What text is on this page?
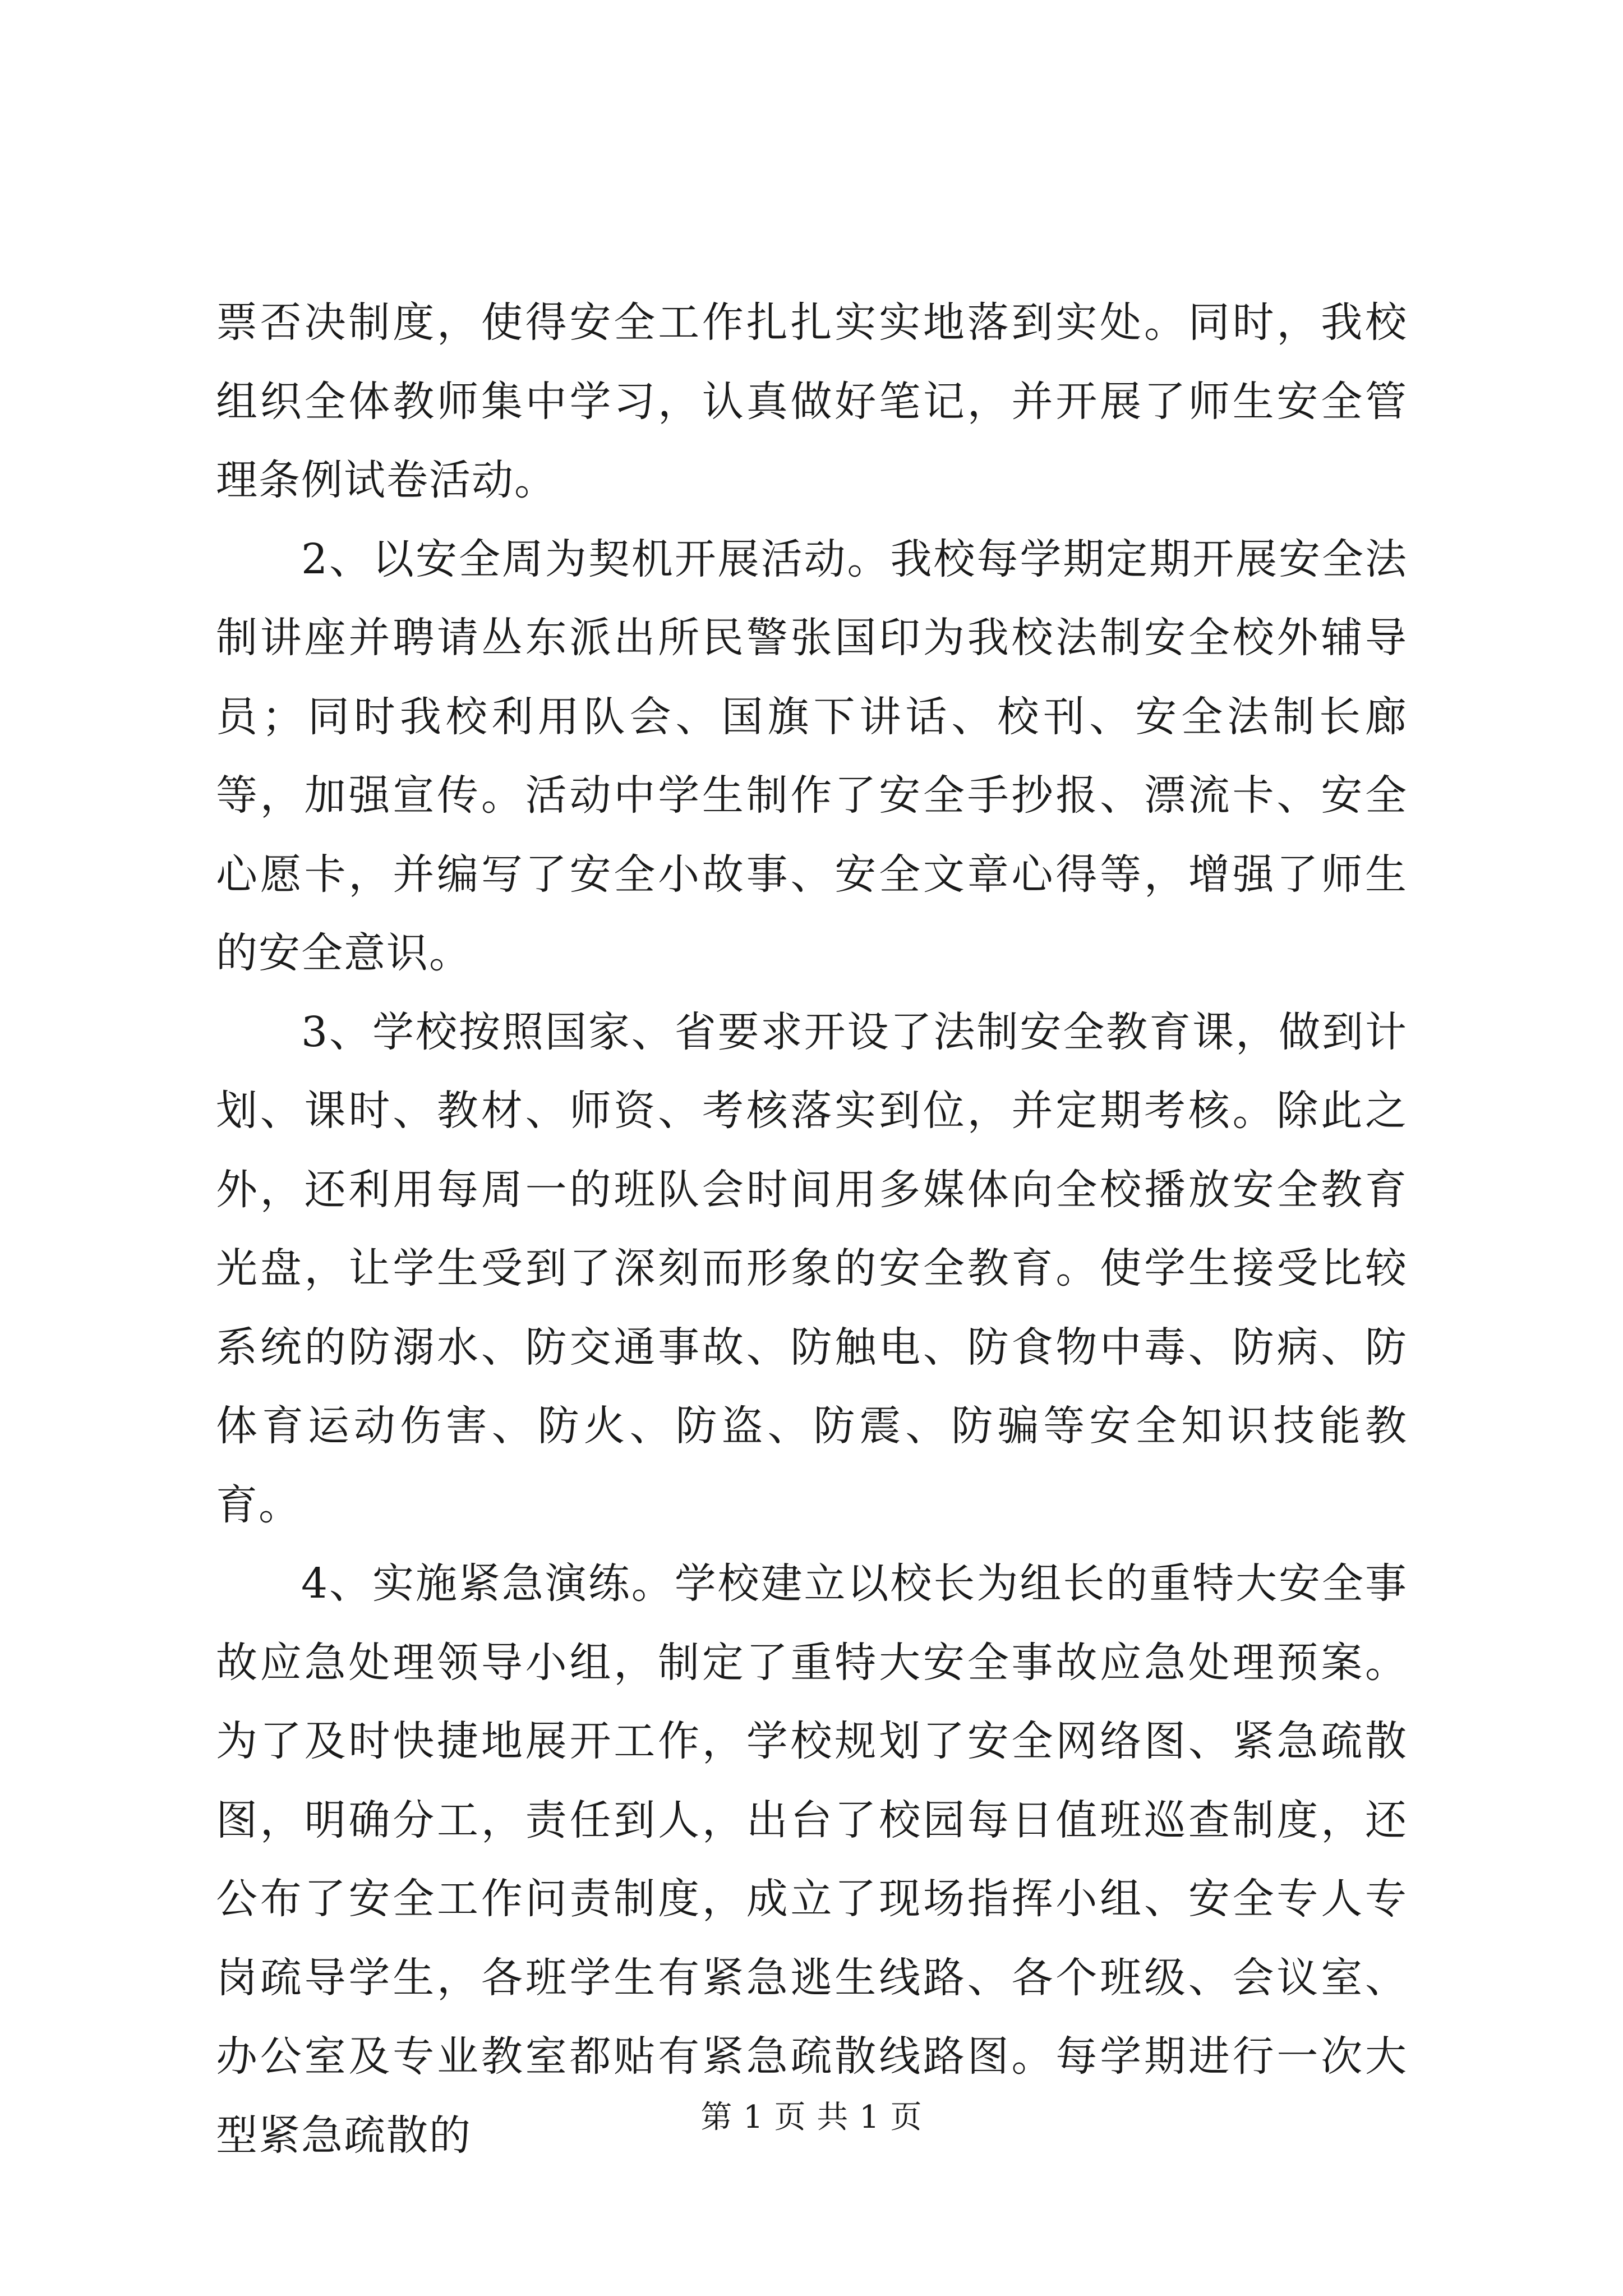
票否决制度，使得安全工作扎扎实实地落到实处。同时，我校组织全体教师集中学习，认真做好笔记，并开展了师生安全管理条例试卷活动。

2、以安全周为契机开展活动。我校每学期定期开展安全法制讲座并聘请丛东派出所民警张国印为我校法制安全校外辅导员；同时我校利用队会、国旗下讲话、校刊、安全法制长廊等，加强宣传。活动中学生制作了安全手抄报、漂流卡、安全心愿卡，并编写了安全小故事、安全文章心得等，增强了师生的安全意识。

3、学校按照国家、省要求开设了法制安全教育课，做到计划、课时、教材、师资、考核落实到位，并定期考核。除此之外，还利用每周一的班队会时间用多媒体向全校播放安全教育光盘，让学生受到了深刻而形象的安全教育。使学生接受比较系统的防溺水、防交通事故、防触电、防食物中毒、防病、防体育运动伤害、防火、防盗、防震、防骗等安全知识技能教育。

4、实施紧急演练。学校建立以校长为组长的重特大安全事故应急处理领导小组，制定了重特大安全事故应急处理预案。为了及时快捷地展开工作，学校规划了安全网络图、紧急疏散图，明确分工，责任到人，出台了校园每日值班巡查制度，还公布了安全工作问责制度，成立了现场指挥小组、安全专人专岗疏导学生，各班学生有紧急逃生线路、各个班级、会议室、办公室及专业教室都贴有紧急疏散线路图。每学期进行一次大型紧急疏散的	第 1 页 共 1 页
